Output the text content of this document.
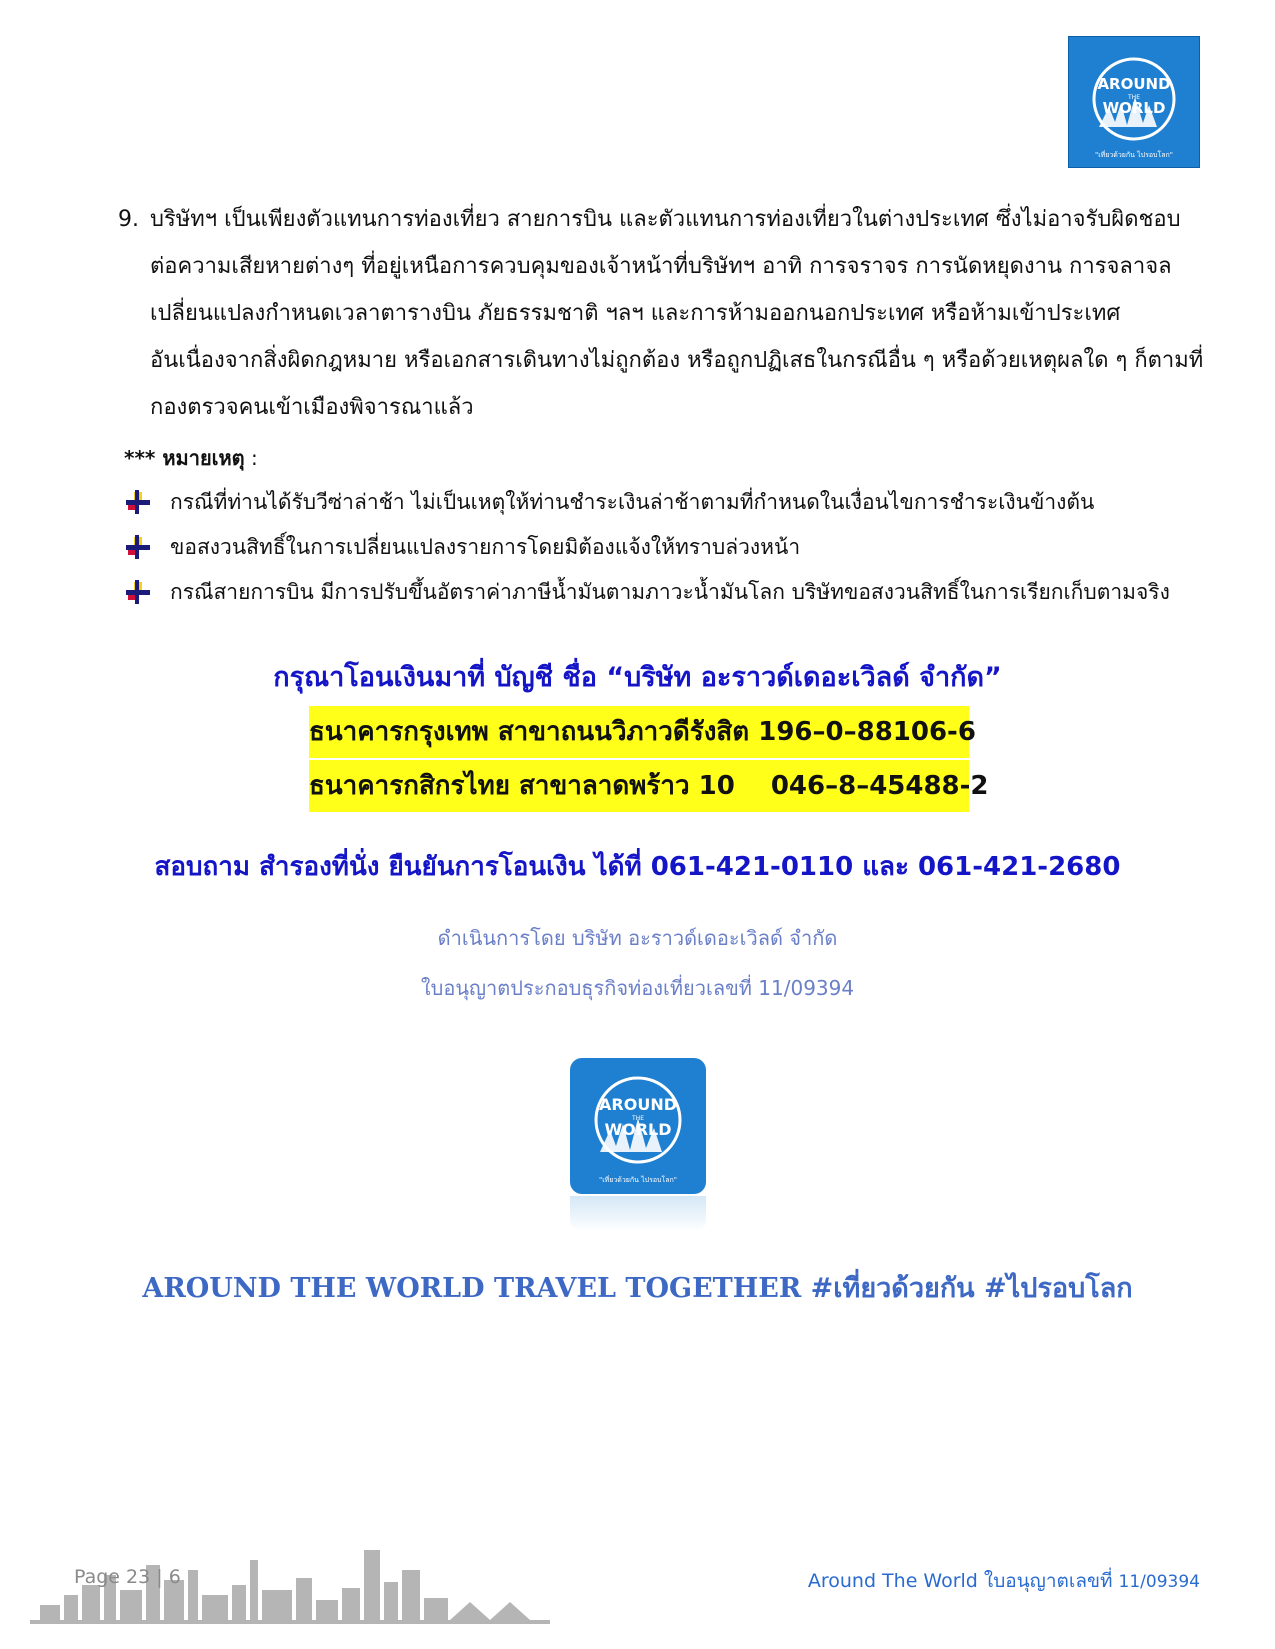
AROUND
THE
WORLD
"เที่ยวด้วยกัน ไปรอบโลก"
9. บริษัทฯ เป็นเพียงตัวแทนการท่องเที่ยว สายการบิน และตัวแทนการท่องเที่ยวในต่างประเทศ ซึ่งไม่อาจรับผิดชอบ
ต่อความเสียหายต่างๆ ที่อยู่เหนือการควบคุมของเจ้าหน้าที่บริษัทฯ อาทิ การจราจร การนัดหยุดงาน การจลาจล
เปลี่ยนแปลงกำหนดเวลาตารางบิน ภัยธรรมชาติ ฯลฯ และการห้ามออกนอกประเทศ หรือห้ามเข้าประเทศ
อันเนื่องจากสิ่งผิดกฎหมาย หรือเอกสารเดินทางไม่ถูกต้อง หรือถูกปฏิเสธในกรณีอื่น ๆ หรือด้วยเหตุผลใด ๆ ก็ตามที่
กองตรวจคนเข้าเมืองพิจารณาแล้ว
*** หมายเหตุ :
กรณีที่ท่านได้รับวีซ่าล่าช้า ไม่เป็นเหตุให้ท่านชำระเงินล่าช้าตามที่กำหนดในเงื่อนไขการชำระเงินข้างต้น
ขอสงวนสิทธิ์ในการเปลี่ยนแปลงรายการโดยมิต้องแจ้งให้ทราบล่วงหน้า
กรณีสายการบิน มีการปรับขึ้นอัตราค่าภาษีน้ำมันตามภาวะน้ำมันโลก บริษัทขอสงวนสิทธิ์ในการเรียกเก็บตามจริง
กรุณาโอนเงินมาที่ บัญชี ชื่อ “บริษัท อะราวด์เดอะเวิลด์ จำกัด”
ธนาคารกรุงเทพ สาขาถนนวิภาวดีรังสิต 196–0–88106-6
ธนาคารกสิกรไทย สาขาลาดพร้าว 10 046–8–45488-2
สอบถาม สำรองที่นั่ง ยืนยันการโอนเงิน ได้ที่ 061-421-0110 และ 061-421-2680
ดำเนินการโดย บริษัท อะราวด์เดอะเวิลด์ จำกัด
ใบอนุญาตประกอบธุรกิจท่องเที่ยวเลขที่ 11/09394
AROUND
THE
WORLD
"เที่ยวด้วยกัน ไปรอบโลก"
AROUND THE WORLD TRAVEL TOGETHER #เที่ยวด้วยกัน #ไปรอบโลก
Page 23 | 6	Around The World ใบอนุญาตเลขที่ 11/09394
